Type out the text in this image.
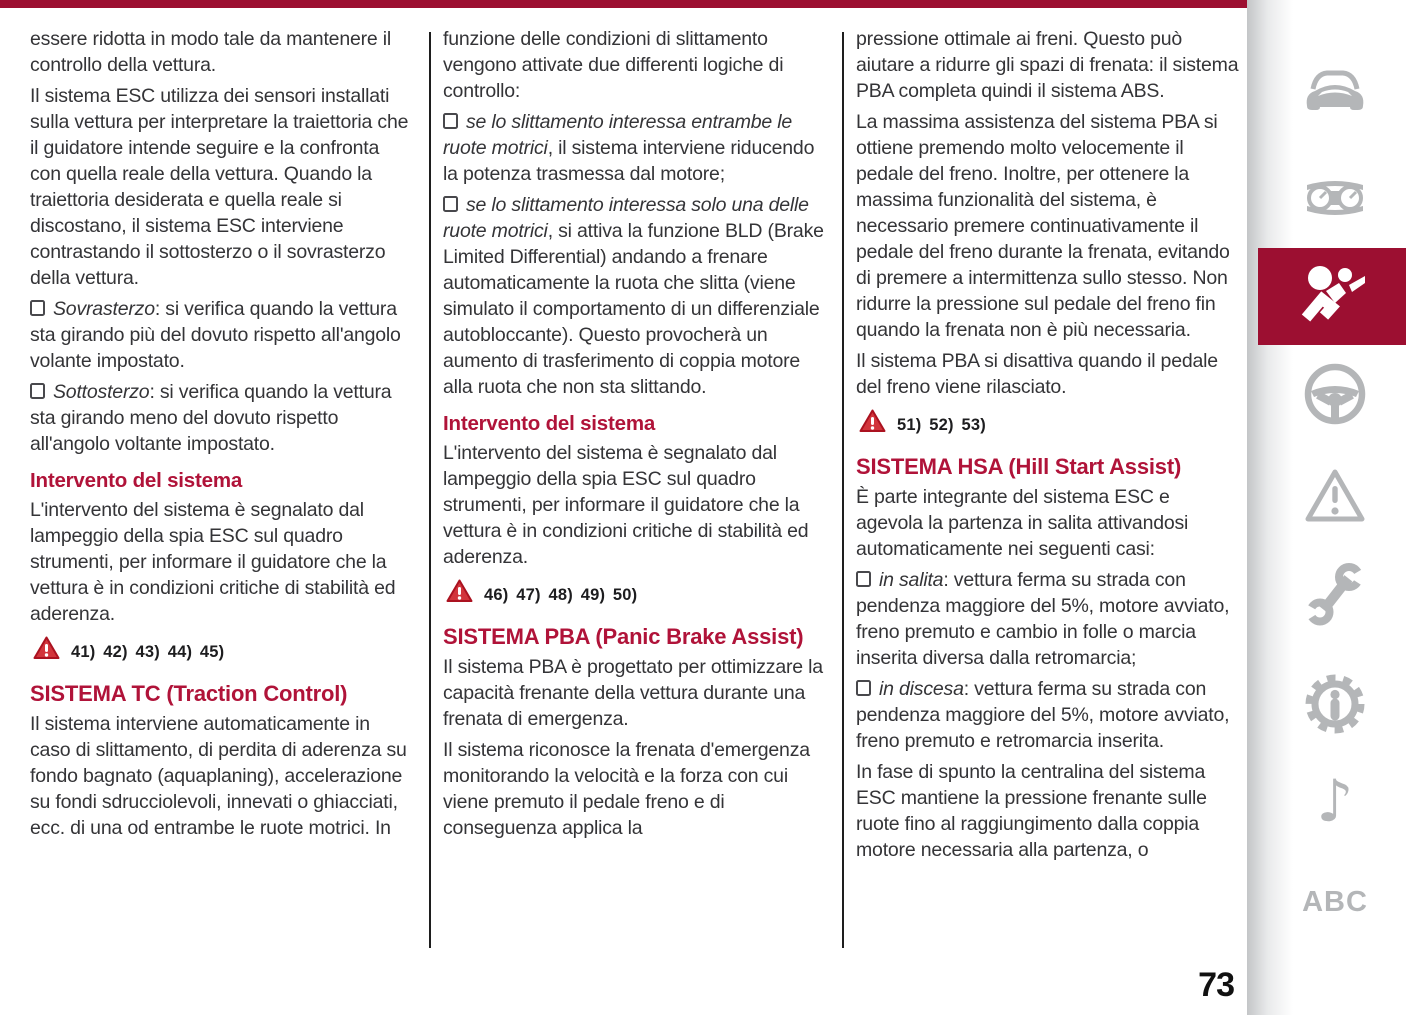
essere ridotta in modo tale da mantenere il controllo della vettura.

Il sistema ESC utilizza dei sensori installati sulla vettura per interpretare la traiettoria che il guidatore intende seguire e la confronta con quella reale della vettura. Quando la traiettoria desiderata e quella reale si discostano, il sistema ESC interviene contrastando il sottosterzo o il sovrasterzo della vettura.

Sovrasterzo: si verifica quando la vettura sta girando più del dovuto rispetto all'angolo volante impostato.

Sottosterzo: si verifica quando la vettura sta girando meno del dovuto rispetto all'angolo voltante impostato.

Intervento del sistema

L'intervento del sistema è segnalato dal lampeggio della spia ESC sul quadro strumenti, per informare il guidatore che la vettura è in condizioni critiche di stabilità ed aderenza.

41) 42) 43) 44) 45)
SISTEMA TC (Traction Control)

Il sistema interviene automaticamente in caso di slittamento, di perdita di aderenza su fondo bagnato (aquaplaning), accelerazione su fondi sdrucciolevoli, innevati o ghiacciati, ecc. di una od entrambe le ruote motrici. In

funzione delle condizioni di slittamento vengono attivate due differenti logiche di controllo:

se lo slittamento interessa entrambe le ruote motrici, il sistema interviene riducendo la potenza trasmessa dal motore;

se lo slittamento interessa solo una delle ruote motrici, si attiva la funzione BLD (Brake Limited Differential) andando a frenare automaticamente la ruota che slitta (viene simulato il comportamento di un differenziale autobloccante). Questo provocherà un aumento di trasferimento di coppia motore alla ruota che non sta slittando.

Intervento del sistema

L'intervento del sistema è segnalato dal lampeggio della spia ESC sul quadro strumenti, per informare il guidatore che la vettura è in condizioni critiche di stabilità ed aderenza.

46) 47) 48) 49) 50)
SISTEMA PBA (Panic Brake Assist)

Il sistema PBA è progettato per ottimizzare la capacità frenante della vettura durante una frenata di emergenza.

Il sistema riconosce la frenata d'emergenza monitorando la velocità e la forza con cui viene premuto il pedale freno e di conseguenza applica la

pressione ottimale ai freni. Questo può aiutare a ridurre gli spazi di frenata: il sistema PBA completa quindi il sistema ABS.

La massima assistenza del sistema PBA si ottiene premendo molto velocemente il pedale del freno. Inoltre, per ottenere la massima funzionalità del sistema, è necessario premere continuativamente il pedale del freno durante la frenata, evitando di premere a intermittenza sullo stesso. Non ridurre la pressione sul pedale del freno fin quando la frenata non è più necessaria.

Il sistema PBA si disattiva quando il pedale del freno viene rilasciato.

51) 52) 53)
SISTEMA HSA (Hill Start Assist)

È parte integrante del sistema ESC e agevola la partenza in salita attivandosi automaticamente nei seguenti casi:

in salita: vettura ferma su strada con pendenza maggiore del 5%, motore avviato, freno premuto e cambio in folle o marcia inserita diversa dalla retromarcia;

in discesa: vettura ferma su strada con pendenza maggiore del 5%, motore avviato, freno premuto e retromarcia inserita.

In fase di spunto la centralina del sistema ESC mantiene la pressione frenante sulle ruote fino al raggiungimento dalla coppia motore necessaria alla partenza, o

♪
ABC
73
